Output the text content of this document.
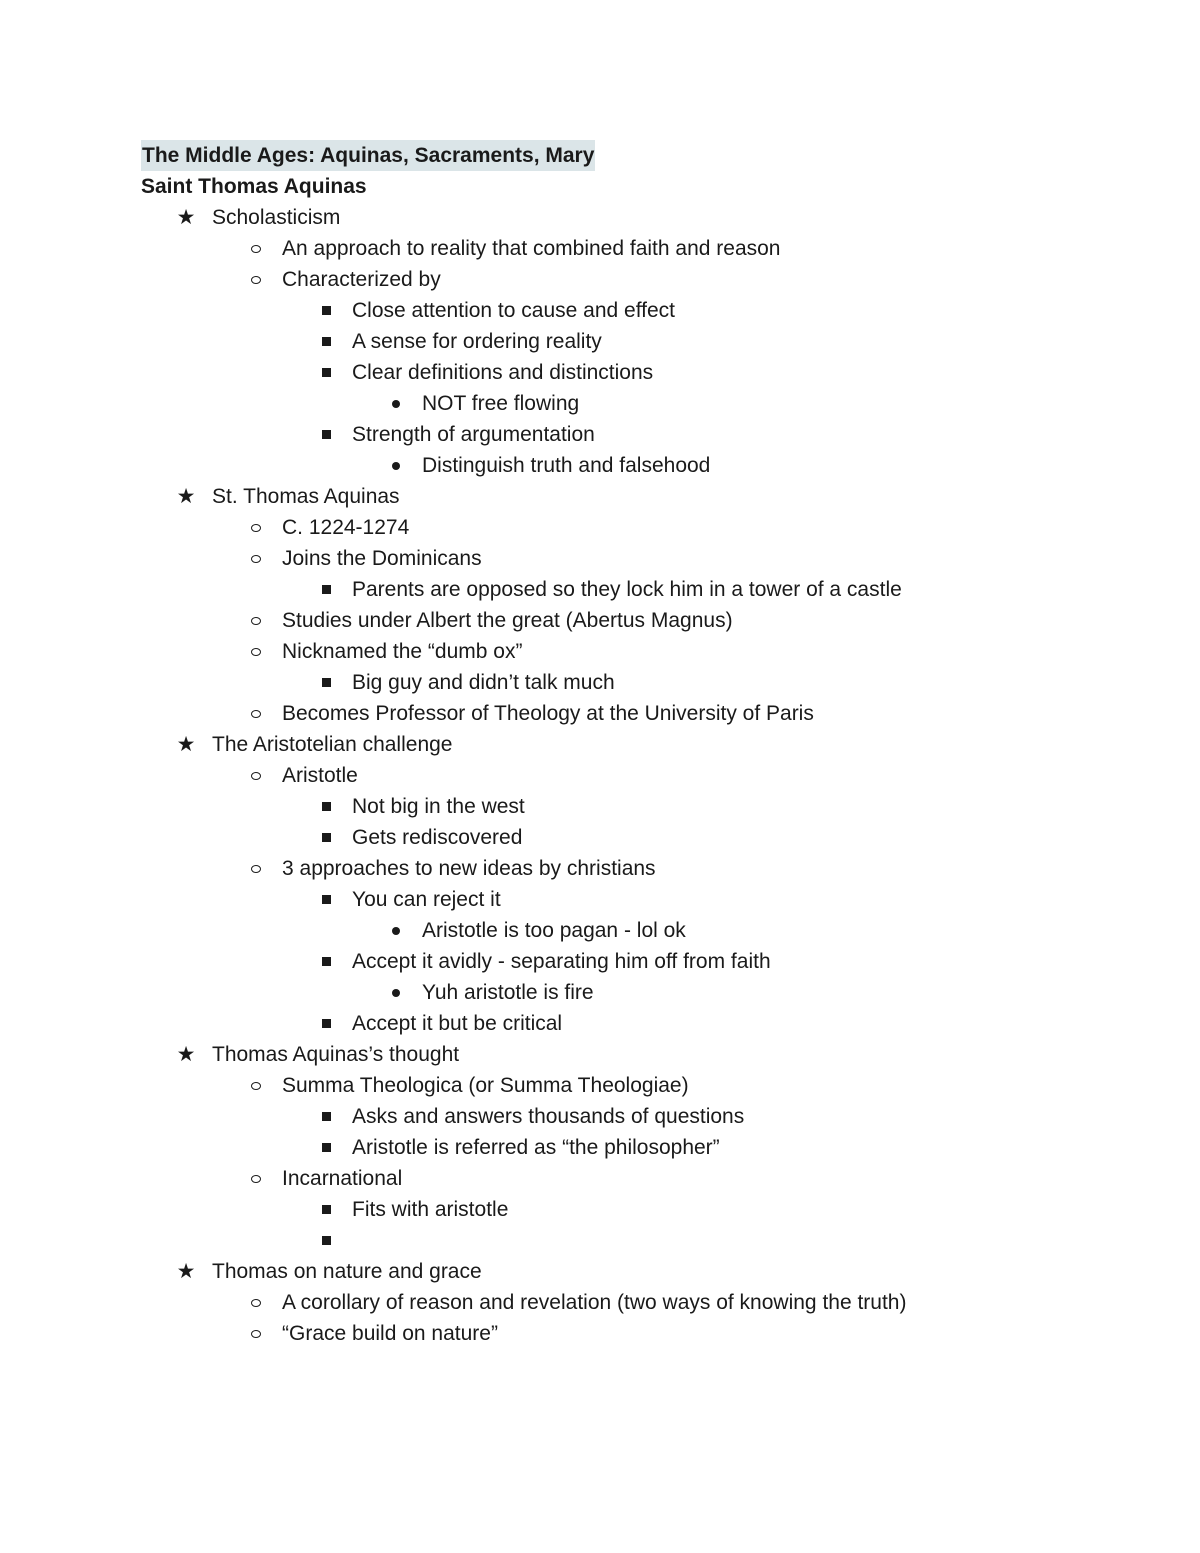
The Middle Ages: Aquinas, Sacraments, Mary
Saint Thomas Aquinas
★ Scholasticism
An approach to reality that combined faith and reason
Characterized by
Close attention to cause and effect
A sense for ordering reality
Clear definitions and distinctions
NOT free flowing
Strength of argumentation
Distinguish truth and falsehood
★ St. Thomas Aquinas
C. 1224-1274
Joins the Dominicans
Parents are opposed so they lock him in a tower of a castle
Studies under Albert the great (Abertus Magnus)
Nicknamed the “dumb ox”
Big guy and didn’t talk much
Becomes Professor of Theology at the University of Paris
★ The Aristotelian challenge
Aristotle
Not big in the west
Gets rediscovered
3 approaches to new ideas by christians
You can reject it
Aristotle is too pagan - lol ok
Accept it avidly - separating him off from faith
Yuh aristotle is fire
Accept it but be critical
★ Thomas Aquinas’s thought
Summa Theologica (or Summa Theologiae)
Asks and answers thousands of questions
Aristotle is referred as “the philosopher”
Incarnational
Fits with aristotle
★ Thomas on nature and grace
A corollary of reason and revelation (two ways of knowing the truth)
“Grace build on nature”
